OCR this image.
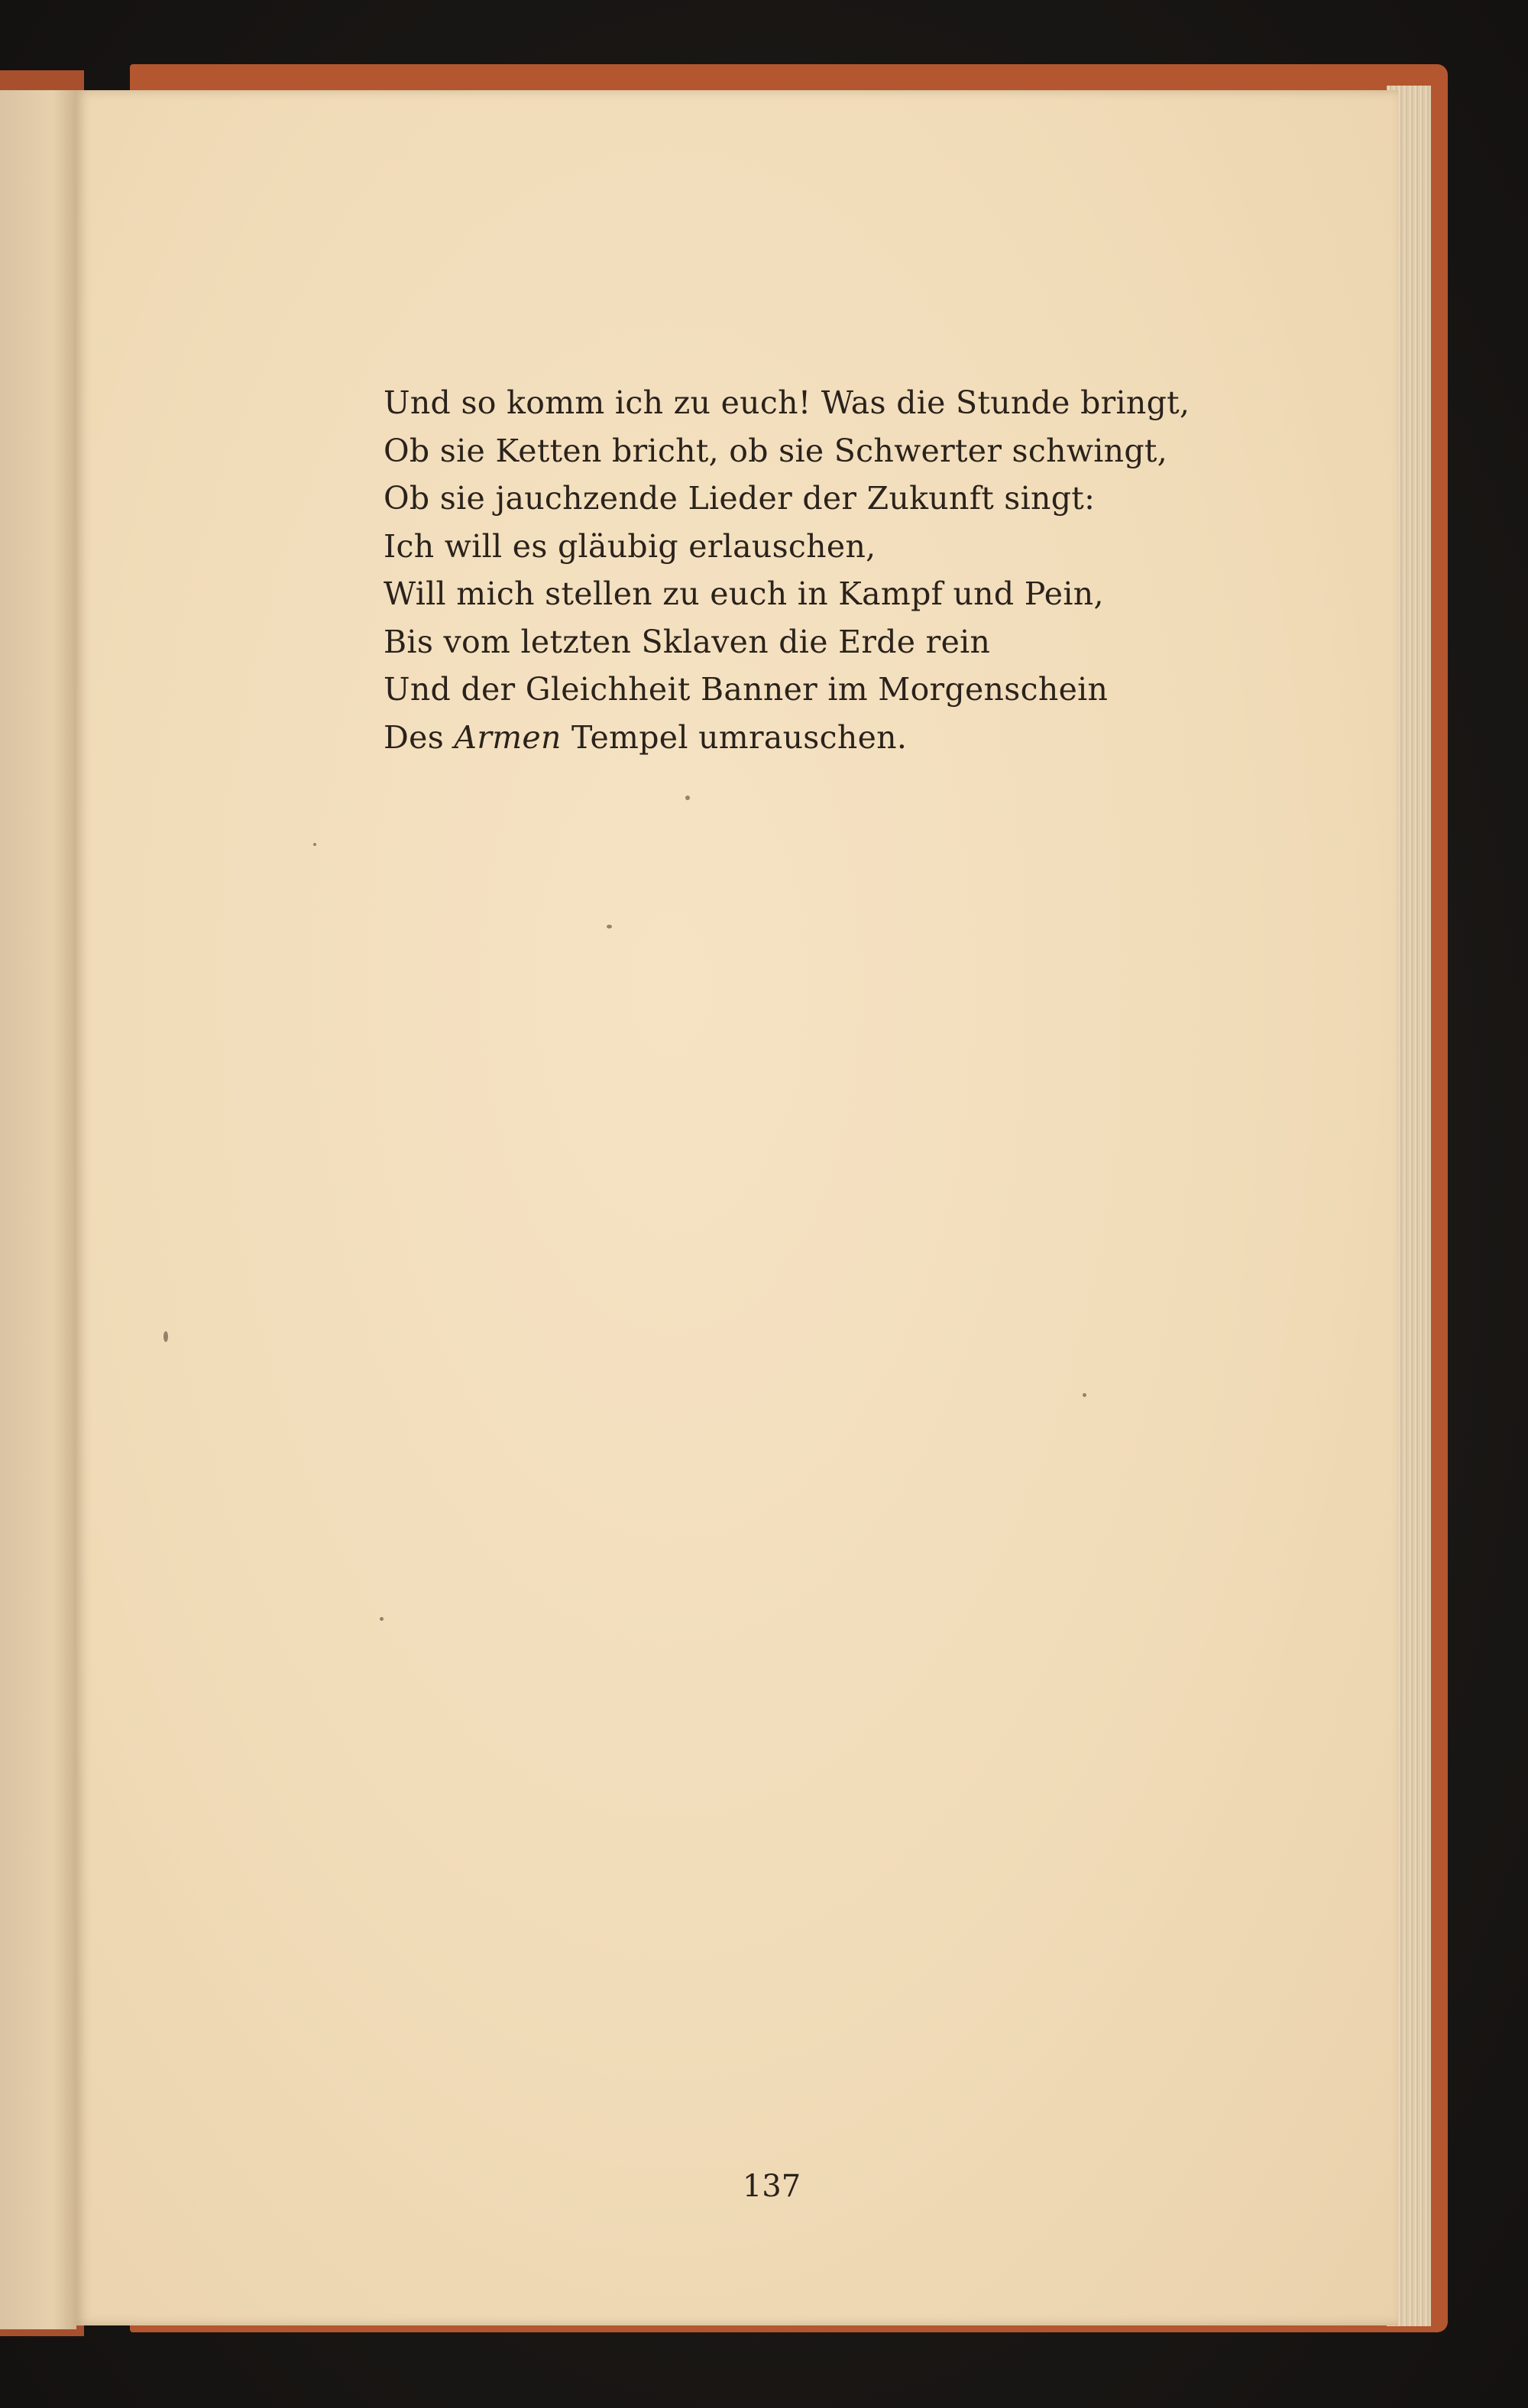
Und so komm ich zu euch! Was die Stunde bringt,
Ob sie Ketten bricht, ob sie Schwerter schwingt,
Ob sie jauchzende Lieder der Zukunft singt:
Ich will es gläubig erlauschen,
Will mich stellen zu euch in Kampf und Pein,
Bis vom letzten Sklaven die Erde rein
Und der Gleichheit Banner im Morgenschein
Des Armen Tempel umrauschen.
137
